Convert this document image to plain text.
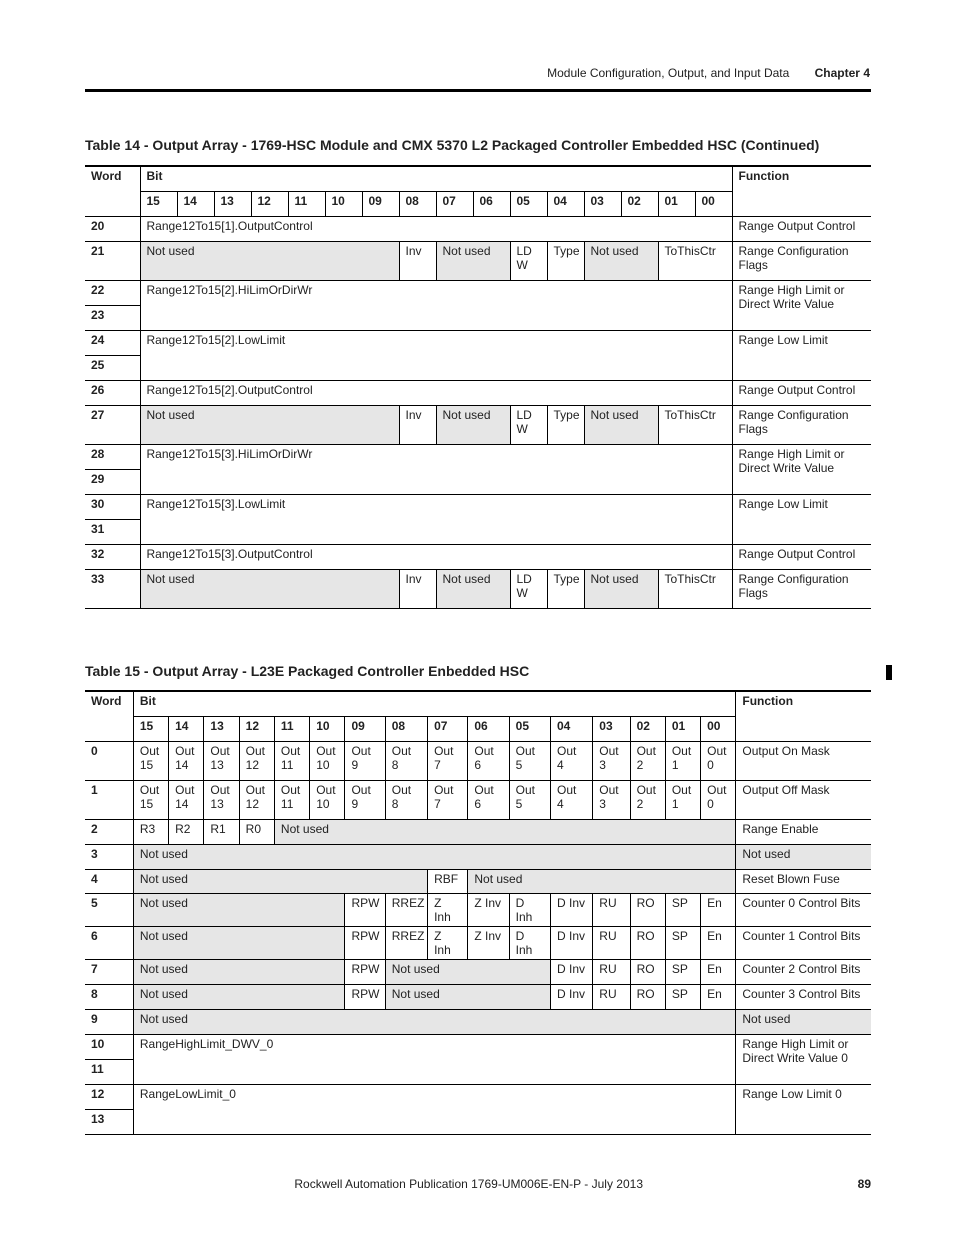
Module Configuration, Output, and Input Data Chapter 4
Table 14 - Output Array - 1769-HSC Module and CMX 5370 L2 Packaged Controller Embedded HSC (Continued)
Word	Bit																Function
	15	14	13	12	11	10	09	08	07	06	05	04	03	02	01	00	
20	Range12To15[1].OutputControl																Range Output Control
21	Not used							Inv	Not used		LD W	Type	Not used		ToThisCtr		Range Configuration Flags
22	Range12To15[2].HiLimOrDirWr																Range High Limit or Direct Write Value
23																	
24	Range12To15[2].LowLimit																Range Low Limit
25																	
26	Range12To15[2].OutputControl																Range Output Control
27	Not used							Inv	Not used		LD W	Type	Not used		ToThisCtr		Range Configuration Flags
28	Range12To15[3].HiLimOrDirWr																Range High Limit or Direct Write Value
29																	
30	Range12To15[3].LowLimit																Range Low Limit
31																	
32	Range12To15[3].OutputControl																Range Output Control
33	Not used							Inv	Not used		LD W	Type	Not used		ToThisCtr		Range Configuration Flags
Table 15 - Output Array - L23E Packaged Controller Enbedded HSC
Word	Bit																Function
	15	14	13	12	11	10	09	08	07	06	05	04	03	02	01	00	
0	Out 15	Out 14	Out 13	Out 12	Out 11	Out 10	Out 9	Out 8	Out 7	Out 6	Out 5	Out 4	Out 3	Out 2	Out 1	Out 0	Output On Mask
1	Out 15	Out 14	Out 13	Out 12	Out 11	Out 10	Out 9	Out 8	Out 7	Out 6	Out 5	Out 4	Out 3	Out 2	Out 1	Out 0	Output Off Mask
2	R3	R2	R1	R0	Not used												Range Enable
3	Not used																Not used
4	Not used								RBF	Not used							Reset Blown Fuse
5	Not used						RPW	RREZ	Z Inh	Z Inv	D Inh	D Inv	RU	RO	SP	En	Counter 0 Control Bits
6	Not used						RPW	RREZ	Z Inh	Z Inv	D Inh	D Inv	RU	RO	SP	En	Counter 1 Control Bits
7	Not used						RPW	Not used				D Inv	RU	RO	SP	En	Counter 2 Control Bits
8	Not used						RPW	Not used				D Inv	RU	RO	SP	En	Counter 3 Control Bits
9	Not used																Not used
10	RangeHighLimit_DWV_0																Range High Limit or Direct Write Value 0
11																	
12	RangeLowLimit_0																Range Low Limit 0
13																	
Rockwell Automation Publication 1769-UM006E-EN-P - July 2013	89
